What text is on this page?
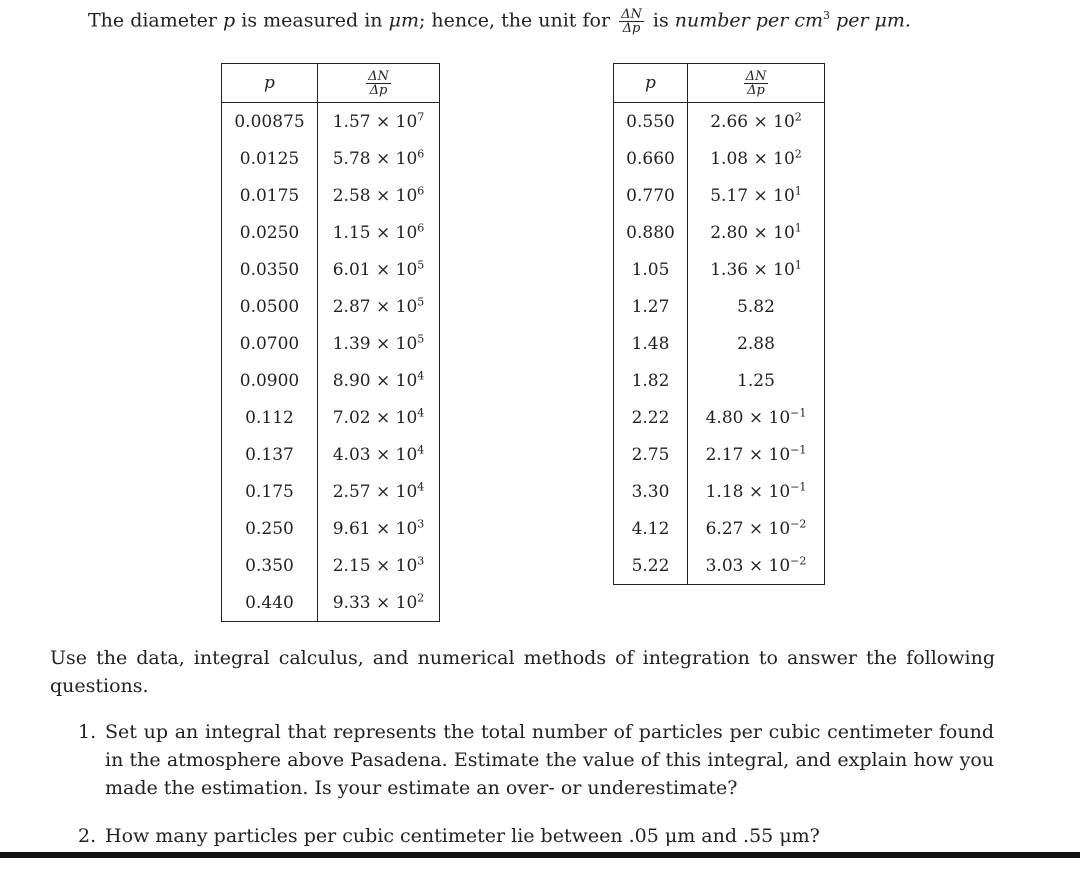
The diameter p is measured in μm; hence, the unit for $\frac{\Delta N}{\Delta p}$ is number per $cm^3$ per μm.
p	$\frac{\Delta N}{\Delta p}$

0.00875	$1.57 \times 10^7$
0.0125	$5.78 \times 10^6$
0.0175	$2.58 \times 10^6$
0.0250	$1.15 \times 10^6$
0.0350	$6.01 \times 10^5$
0.0500	$2.87 \times 10^5$
0.0700	$1.39 \times 10^5$
0.0900	$8.90 \times 10^4$
0.112	$7.02 \times 10^4$
0.137	$4.03 \times 10^4$
0.175	$2.57 \times 10^4$
0.250	$9.61 \times 10^3$
0.350	$2.15 \times 10^3$
0.440	$9.33 \times 10^2$
p	$\frac{\Delta N}{\Delta p}$

0.550	$2.66 \times 10^2$
0.660	$1.08 \times 10^2$
0.770	$5.17 \times 10^1$
0.880	$2.80 \times 10^1$
1.05	$1.36 \times 10^1$
1.27	5.82
1.48	2.88
1.82	1.25
2.22	$4.80 \times 10^{-1}$
2.75	$2.17 \times 10^{-1}$
3.30	$1.18 \times 10^{-1}$
4.12	$6.27 \times 10^{-2}$
5.22	$3.03 \times 10^{-2}$
Use the data, integral calculus, and numerical methods of integration to answer the following questions.
1. Set up an integral that represents the total number of particles per cubic centimeter found in the atmosphere above Pasadena. Estimate the value of this integral, and explain how you made the estimation. Is your estimate an over- or underestimate?
2. How many particles per cubic centimeter lie between .05 μm and .55 μm?
